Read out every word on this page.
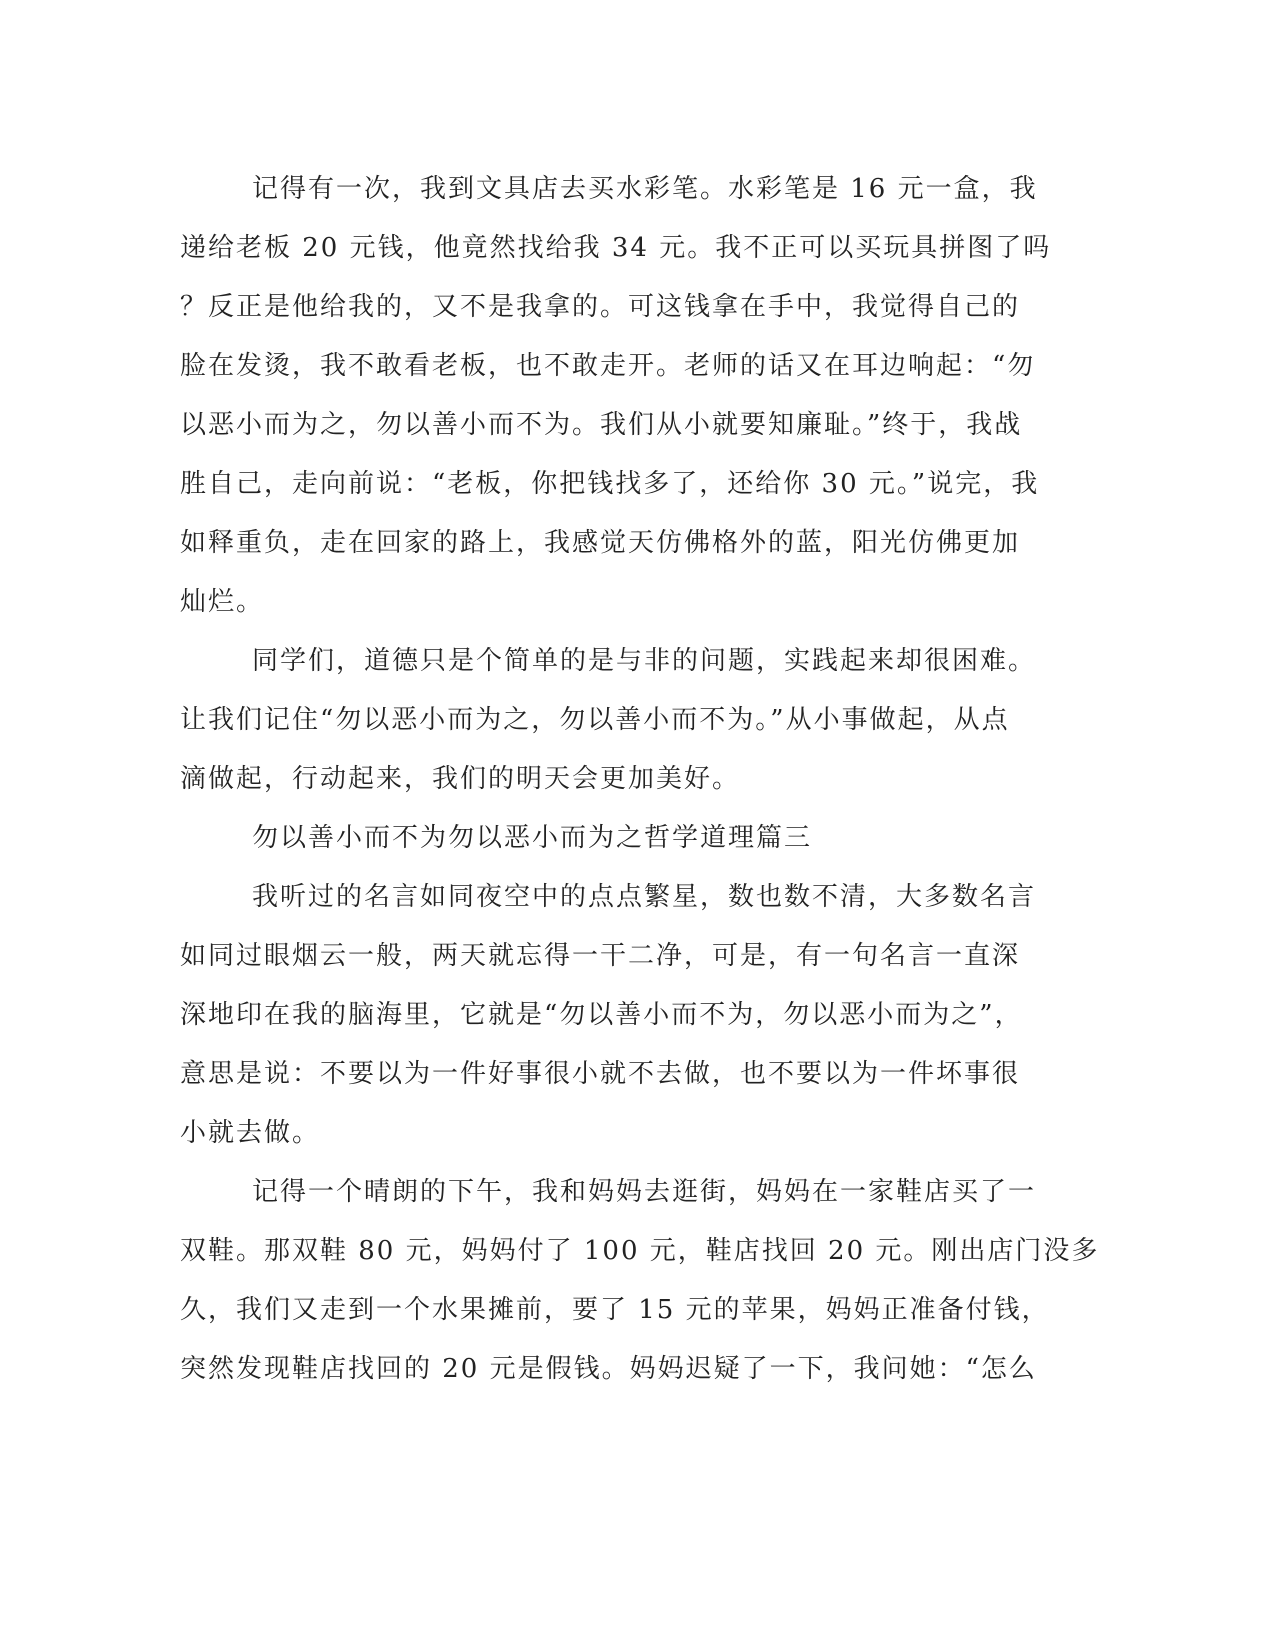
记得有一次，我到文具店去买水彩笔。水彩笔是 16 元一盒，我
递给老板 20 元钱，他竟然找给我 34 元。我不正可以买玩具拼图了吗
？反正是他给我的，又不是我拿的。可这钱拿在手中，我觉得自己的
脸在发烫，我不敢看老板，也不敢走开。老师的话又在耳边响起：“勿
以恶小而为之，勿以善小而不为。我们从小就要知廉耻。”终于，我战
胜自己，走向前说：“老板，你把钱找多了，还给你 30 元。”说完，我
如释重负，走在回家的路上，我感觉天仿佛格外的蓝，阳光仿佛更加
灿烂。
同学们，道德只是个简单的是与非的问题，实践起来却很困难。
让我们记住“勿以恶小而为之，勿以善小而不为。”从小事做起，从点
滴做起，行动起来，我们的明天会更加美好。
勿以善小而不为勿以恶小而为之哲学道理篇三
我听过的名言如同夜空中的点点繁星，数也数不清，大多数名言
如同过眼烟云一般，两天就忘得一干二净，可是，有一句名言一直深
深地印在我的脑海里，它就是“勿以善小而不为，勿以恶小而为之”，
意思是说：不要以为一件好事很小就不去做，也不要以为一件坏事很
小就去做。
记得一个晴朗的下午，我和妈妈去逛街，妈妈在一家鞋店买了一
双鞋。那双鞋 80 元，妈妈付了 100 元，鞋店找回 20 元。刚出店门没多
久，我们又走到一个水果摊前，要了 15 元的苹果，妈妈正准备付钱，
突然发现鞋店找回的 20 元是假钱。妈妈迟疑了一下，我问她：“怎么
